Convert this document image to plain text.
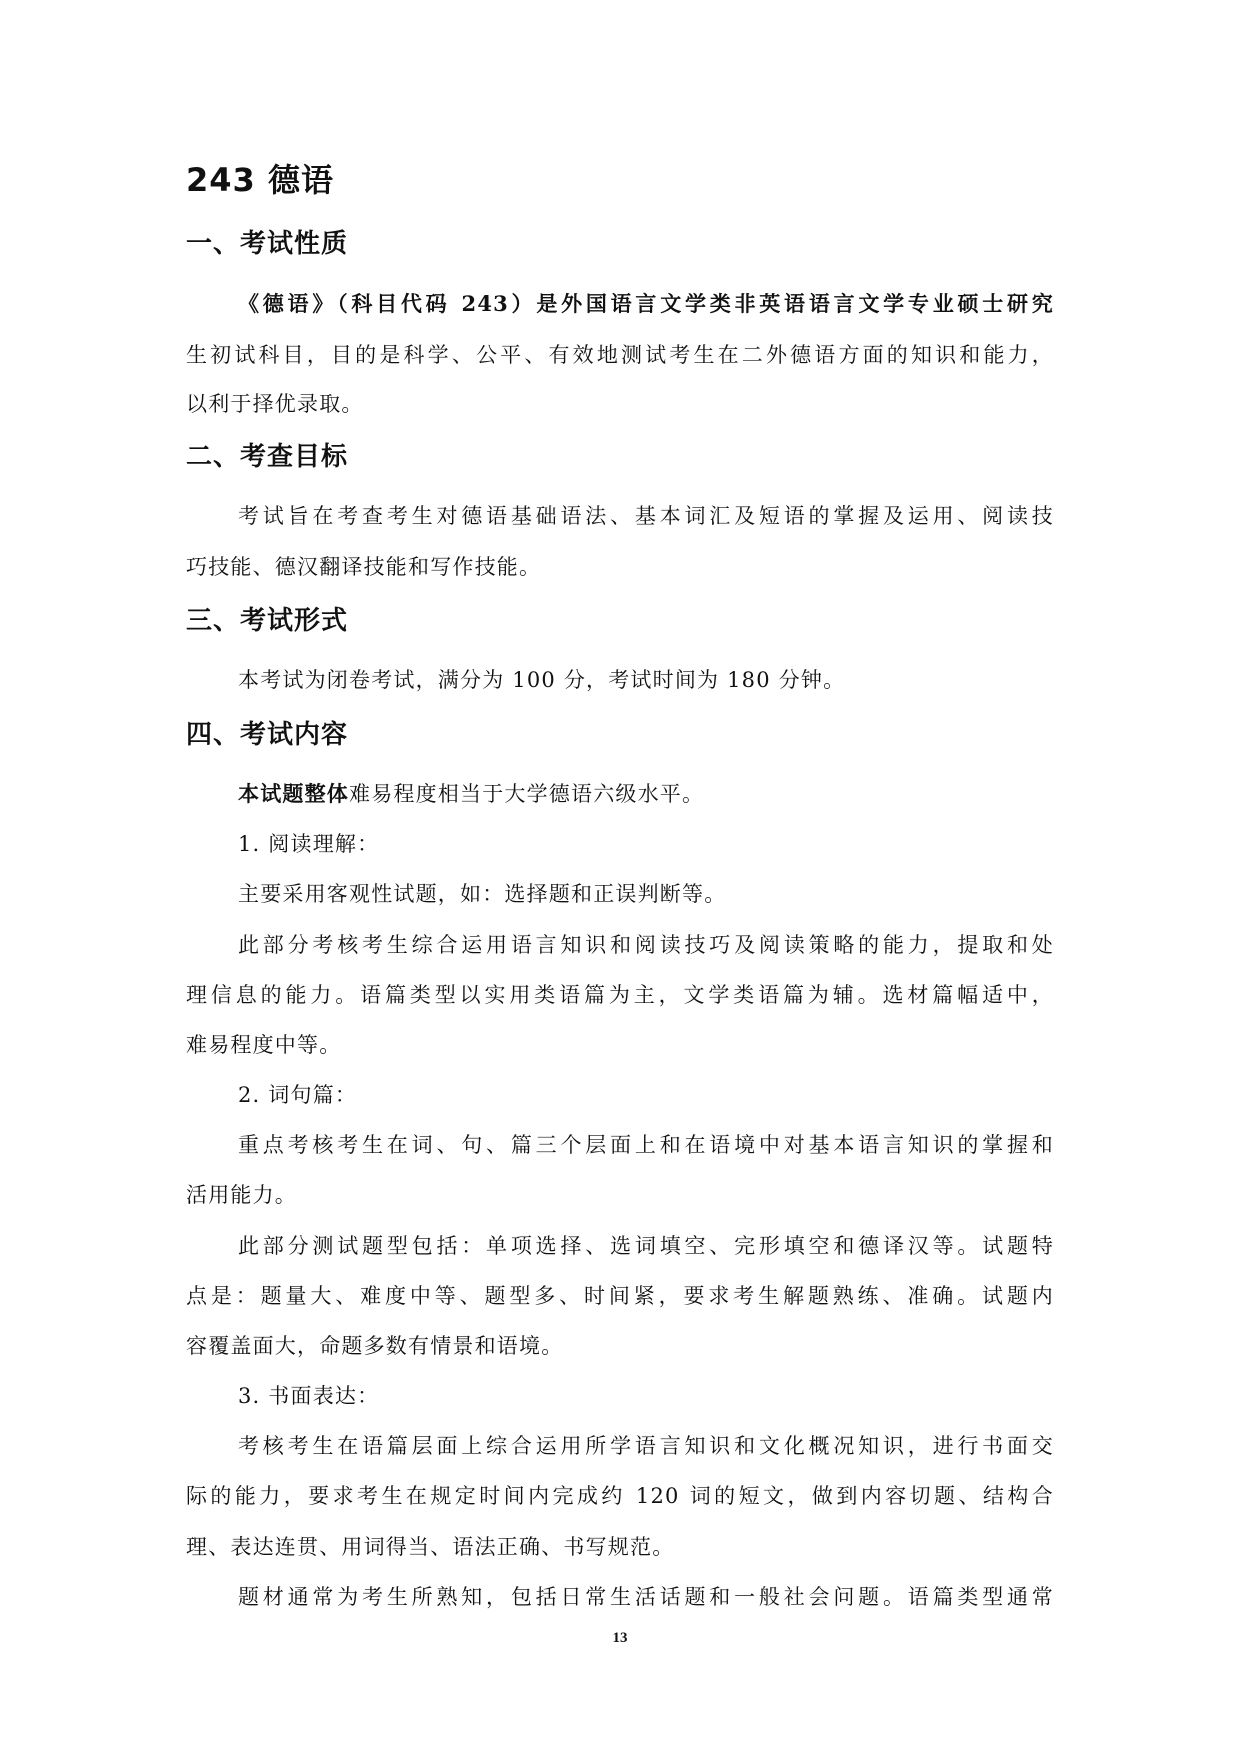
243 德语
一、考试性质

《德语》（科目代码 243）是外国语言文学类非英语语言文学专业硕士研究

生初试科目，目的是科学、公平、有效地测试考生在二外德语方面的知识和能力，

以利于择优录取。

二、考查目标

考试旨在考查考生对德语基础语法、基本词汇及短语的掌握及运用、阅读技

巧技能、德汉翻译技能和写作技能。

三、考试形式

本考试为闭卷考试，满分为 100 分，考试时间为 180 分钟。

四、考试内容

本试题整体难易程度相当于大学德语六级水平。

1. 阅读理解：

主要采用客观性试题，如：选择题和正误判断等。

此部分考核考生综合运用语言知识和阅读技巧及阅读策略的能力，提取和处

理信息的能力。语篇类型以实用类语篇为主，文学类语篇为辅。选材篇幅适中，

难易程度中等。

2. 词句篇：

重点考核考生在词、句、篇三个层面上和在语境中对基本语言知识的掌握和

活用能力。

此部分测试题型包括：单项选择、选词填空、完形填空和德译汉等。试题特

点是：题量大、难度中等、题型多、时间紧，要求考生解题熟练、准确。试题内

容覆盖面大，命题多数有情景和语境。

3. 书面表达：

考核考生在语篇层面上综合运用所学语言知识和文化概况知识，进行书面交

际的能力，要求考生在规定时间内完成约 120 词的短文，做到内容切题、结构合

理、表达连贯、用词得当、语法正确、书写规范。

题材通常为考生所熟知，包括日常生活话题和一般社会问题。语篇类型通常

13
